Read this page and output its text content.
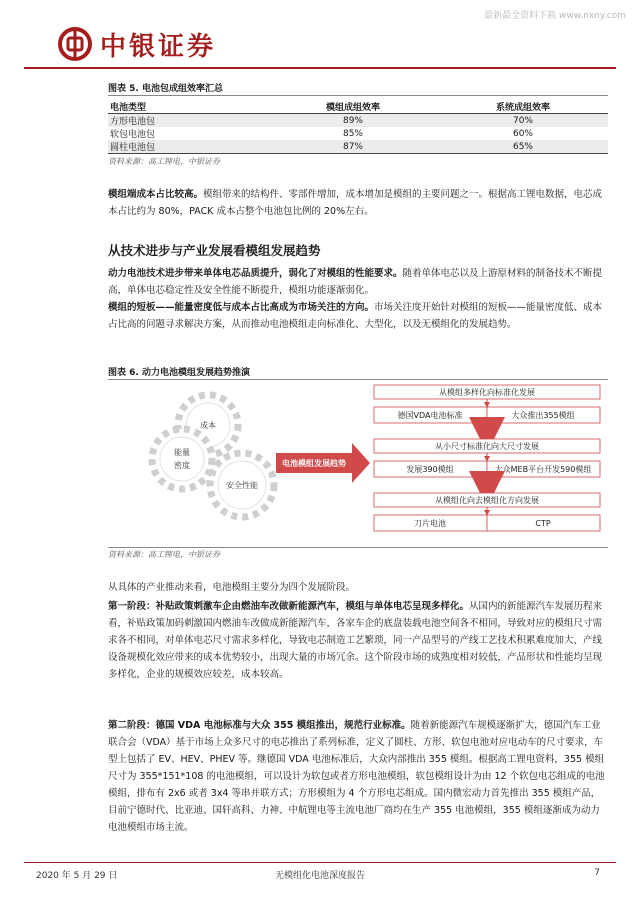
最新最全资料下载 www.nxny.com
中银证券
图表 5. 电池包成组效率汇总
电池类型	模组成组效率	系统成组效率
方形电池包	89%	70%
软包电池包	85%	60%
圆柱电池包	87%	65%
资料来源：高工锂电，中银证券
模组端成本占比较高。模组带来的结构件、零部件增加，成本增加是模组的主要问题之一。根据高工锂电数据，电芯成本占比约为 80%，PACK 成本占整个电池包比例的 20%左右。
从技术进步与产业发展看模组发展趋势
动力电池技术进步带来单体电芯品质提升，弱化了对模组的性能要求。随着单体电芯以及上游原材料的制备技术不断提高，单体电芯稳定性及安全性能不断提升，模组功能逐渐弱化。
模组的短板——能量密度低与成本占比高成为市场关注的方向。市场关注度开始针对模组的短板——能量密度低、成本占比高的问题寻求解决方案，从而推动电池模组走向标准化、大型化，以及无模组化的发展趋势。
图表 6. 动力电池模组发展趋势推演
成本
能量
密度
安全性能
电池模组发展趋势
从模组多样化向标准化发展
德国VDA电池标准	大众推出355模组
从小尺寸标准化向大尺寸发展
发展390模组	大众MEB平台开发590模组
从模组化向去模组化方向发展
刀片电池	CTP
资料来源：高工锂电，中银证券
从具体的产业推动来看，电池模组主要分为四个发展阶段。
第一阶段：补贴政策刺激车企由燃油车改做新能源汽车，模组与单体电芯呈现多样化。从国内的新能源汽车发展历程来看，补贴政策加码刺激国内燃油车改做成新能源汽车，各家车企的底盘装载电池空间各不相同，导致对应的模组尺寸需求各不相同，对单体电芯尺寸需求多样化，导致电芯制造工艺繁琐，同一产品型号的产线工艺技术积累难度加大，产线设备规模化效应带来的成本优势较小，出现大量的市场冗余。这个阶段市场的成熟度相对较低，产品形状和性能均呈现多样化，企业的规模效应较差，成本较高。
第二阶段：德国 VDA 电池标准与大众 355 模组推出，规范行业标准。随着新能源汽车规模逐渐扩大，德国汽车工业联合会（VDA）基于市场上众多尺寸的电芯推出了系列标准，定义了圆柱、方形、软包电池对应电动车的尺寸要求，车型上包括了 EV、HEV、PHEV 等。继德国 VDA 电池标准后，大众内部推出 355 模组。根据高工锂电资料，355 模组尺寸为 355*151*108 的电池模组，可以设计为软包或者方形电池模组，软包模组设计为由 12 个软包电芯组成的电池模组，排布有 2x6 或者 3x4 等串并联方式；方形模组为 4 个方形电芯组成。国内微宏动力首先推出 355 模组产品，目前宁德时代、比亚迪、国轩高科、力神、中航锂电等主流电池厂商均在生产 355 电池模组，355 模组逐渐成为动力电池模组市场主流。
2020 年 5 月 29 日	无模组化电池深度报告	7
